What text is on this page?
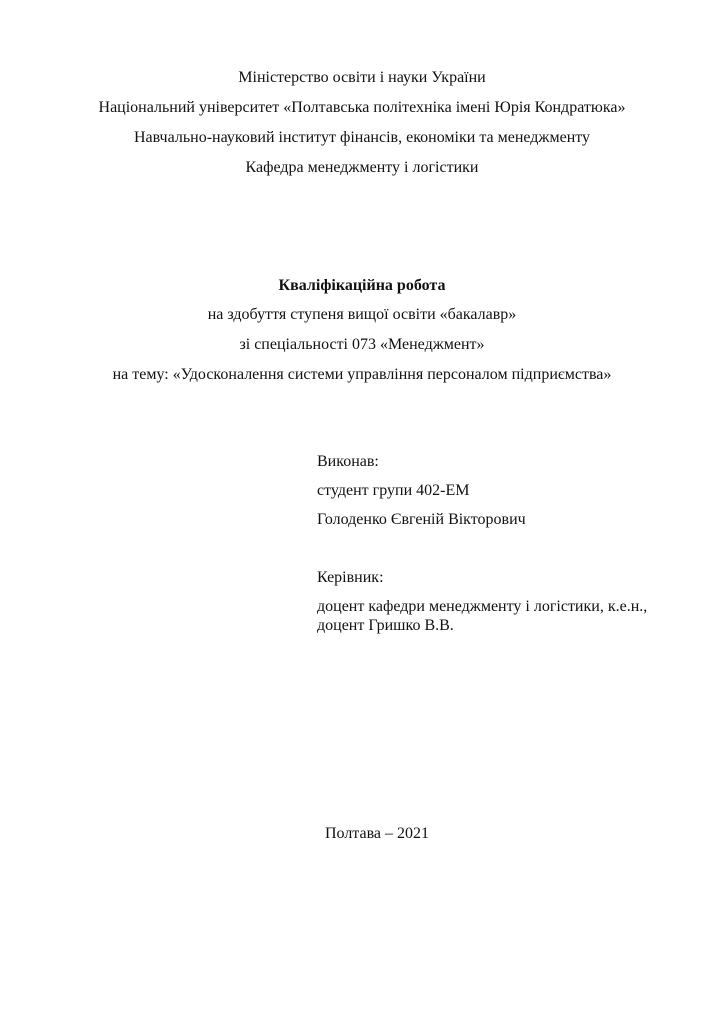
Міністерство освіти і науки України
Національний університет «Полтавська політехніка імені Юрія Кондратюка»
Навчально-науковий інститут фінансів, економіки та менеджменту
Кафедра менеджменту і логістики
Кваліфікаційна робота
на здобуття ступеня вищої освіти «бакалавр»
зі спеціальності 073 «Менеджмент»
на тему: «Удосконалення системи управління персоналом підприємства»
Виконав:
студент групи 402-ЕМ
Голоденко Євгеній Вікторович
Керівник:
доцент кафедри менеджменту і логістики, к.е.н.,
доцент Гришко В.В.
Полтава – 2021
